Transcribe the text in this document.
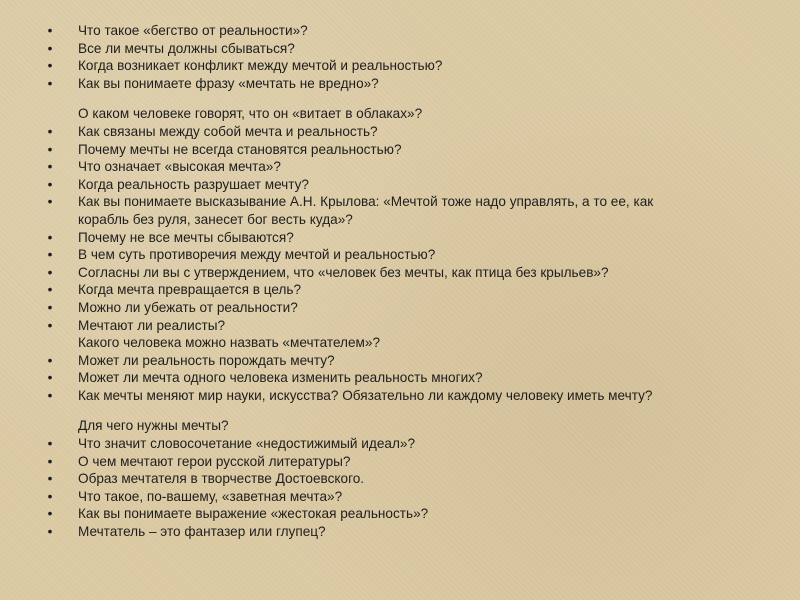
• Что такое «бегство от реальности»?

• Все ли мечты должны сбываться?

• Когда возникает конфликт между мечтой и реальностью?

• Как вы понимаете фразу «мечтать не вредно»?

О каком человеке говорят, что он «витает в облаках»?

• Как связаны между собой мечта и реальность?

• Почему мечты не всегда становятся реальностью?

• Что означает «высокая мечта»?

• Когда реальность разрушает мечту?

• Как вы понимаете высказывание А.Н. Крылова: «Мечтой тоже надо управлять, а то ее, как
корабль без руля, занесет бог весть куда»?

• Почему не все мечты сбываются?

• В чем суть противоречия между мечтой и реальностью?

• Согласны ли вы с утверждением, что «человек без мечты, как птица без крыльев»?

• Когда мечта превращается в цель?

• Можно ли убежать от реальности?

• Мечтают ли реалисты?
Какого человека можно назвать «мечтателем»?

• Может ли реальность порождать мечту?

• Может ли мечта одного человека изменить реальность многих?

• Как мечты меняют мир науки, искусства? Обязательно ли каждому человеку иметь мечту?

Для чего нужны мечты?

• Что значит словосочетание «недостижимый идеал»?

• О чем мечтают герои русской литературы?

• Образ мечтателя в творчестве Достоевского.

• Что такое, по-вашему, «заветная мечта»?

• Как вы понимаете выражение «жестокая реальность»?

• Мечтатель – это фантазер или глупец?
